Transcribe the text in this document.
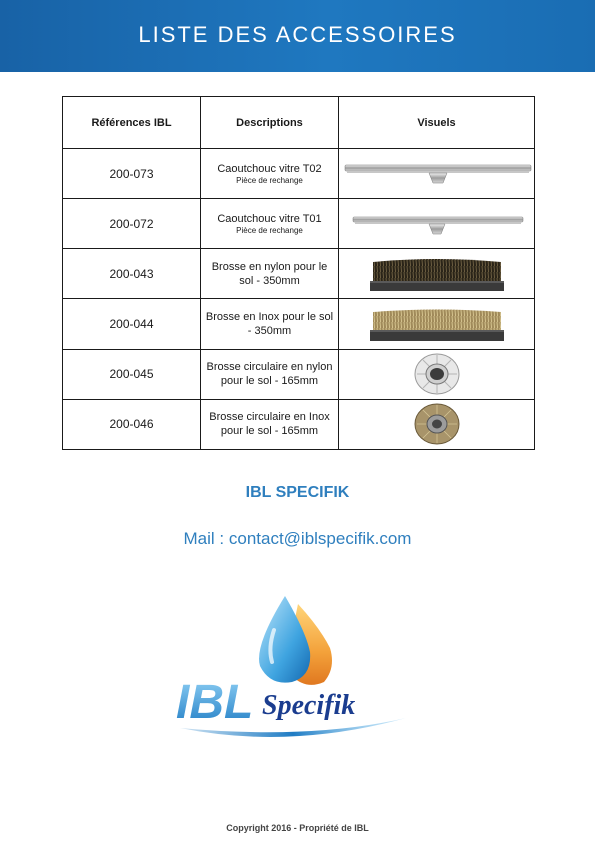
LISTE DES ACCESSOIRES
Références IBL	Descriptions	Visuels
200-073	Caoutchouc vitre T02
Pièce de rechange

200-072	Caoutchouc vitre T01
Pièce de rechange

200-043	Brosse en nylon pour le sol - 350mm	

200-044	Brosse en Inox pour le sol - 350mm	

200-045	Brosse circulaire en nylon pour le sol - 165mm	

200-046	Brosse circulaire en Inox pour le sol - 165mm	
IBL SPECIFIK
Mail : contact@iblspecifik.com
IBL Specifik
Copyright 2016 - Propriété de IBL
